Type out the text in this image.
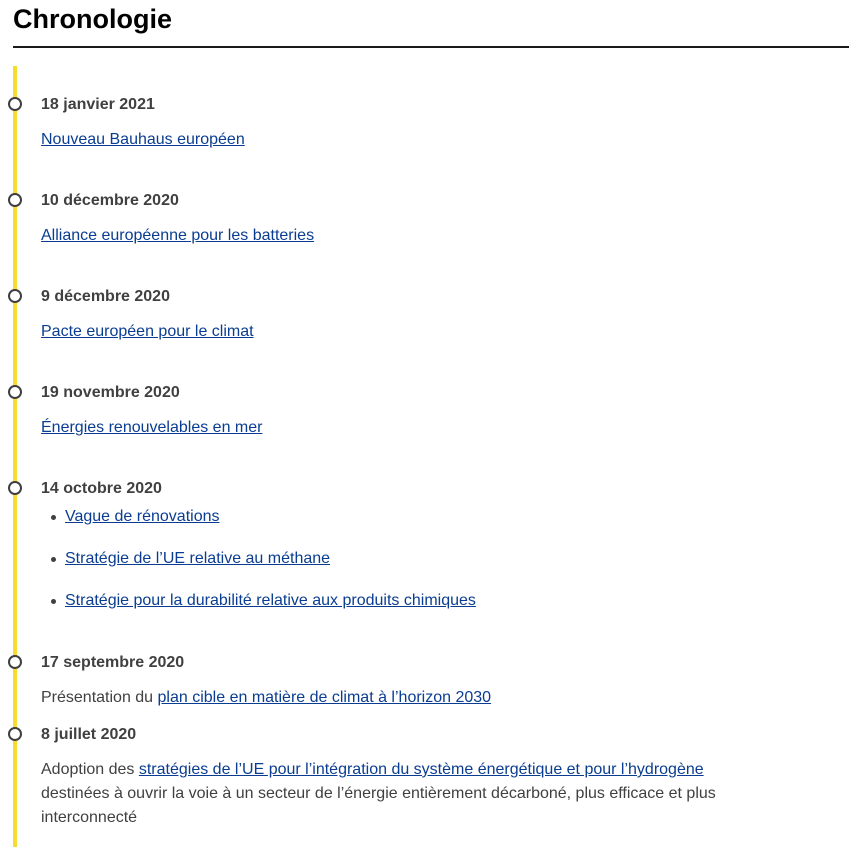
Chronologie
18 janvier 2021
Nouveau Bauhaus européen
10 décembre 2020
Alliance européenne pour les batteries
9 décembre 2020
Pacte européen pour le climat
19 novembre 2020
Énergies renouvelables en mer
14 octobre 2020
Vague de rénovations
Stratégie de l’UE relative au méthane
Stratégie pour la durabilité relative aux produits chimiques
17 septembre 2020
Présentation du plan cible en matière de climat à l’horizon 2030
8 juillet 2020
Adoption des stratégies de l’UE pour l’intégration du système énergétique et pour l’hydrogène destinées à ouvrir la voie à un secteur de l’énergie entièrement décarboné, plus efficace et plus interconnecté
